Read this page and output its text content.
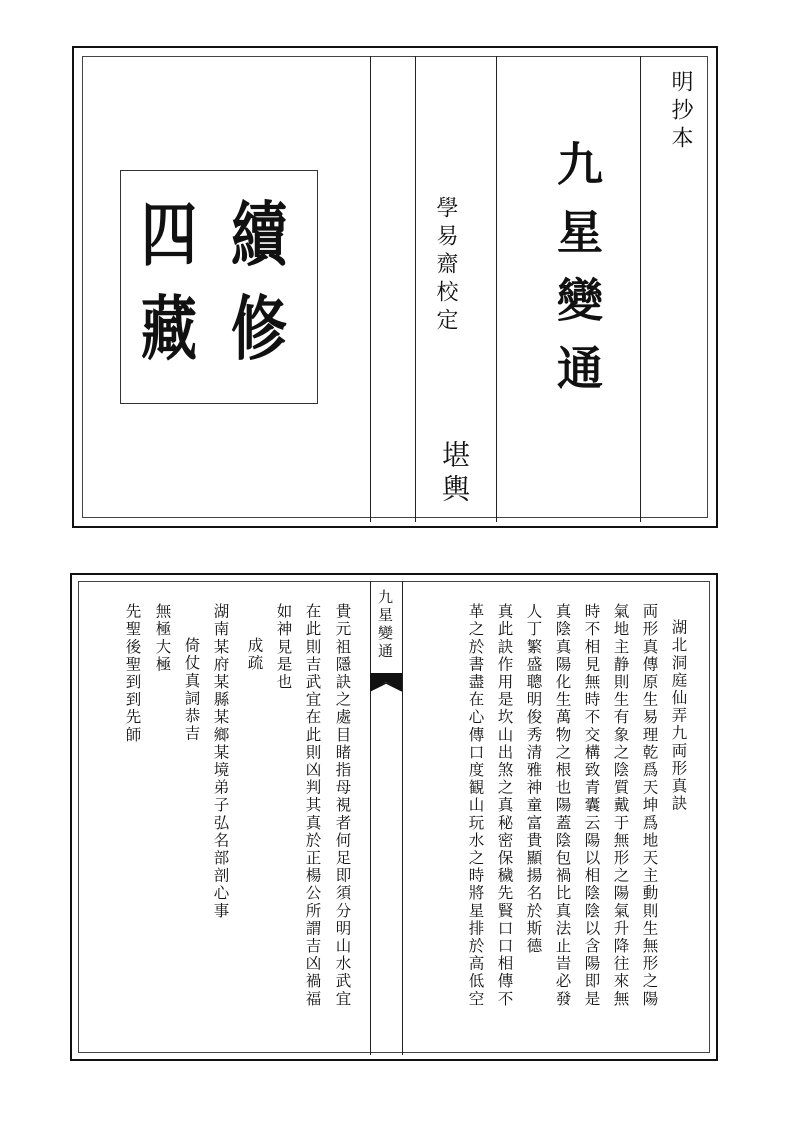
明抄本
九星變通
學易齋校定
堪輿
續
修
四
藏
九星變通	湖北洞庭仙弄九両形真訣
両形真傳原生易理乾爲天坤爲地天主動則生無形之陽
氣地主静則生有象之陰質戴于無形之陽氣升降往來無
時不相見無時不交構致青囊云陽以相陰陰以含陽即是
真陰真陽化生萬物之根也陽蓋陰包禍比真法止旹必發
人丁繁盛聰明俊秀清雅神童富貴顯揚名於斯德
真此訣作用是坎山出煞之真秘密保穢先賢口口相傳不
革之於書盡在心傳口度観山玩水之時將星排於高低空
貴元祖隱訣之處目睹指母視者何足即須分明山水武宜
在此則吉武宜在此則凶判其真於正楊公所謂吉凶禍福
如神見是也
成疏
湖南某府某縣某鄉某境弟子弘名部剖心事
倚仗真詞恭吉
無極大極
先聖後聖到到先師
